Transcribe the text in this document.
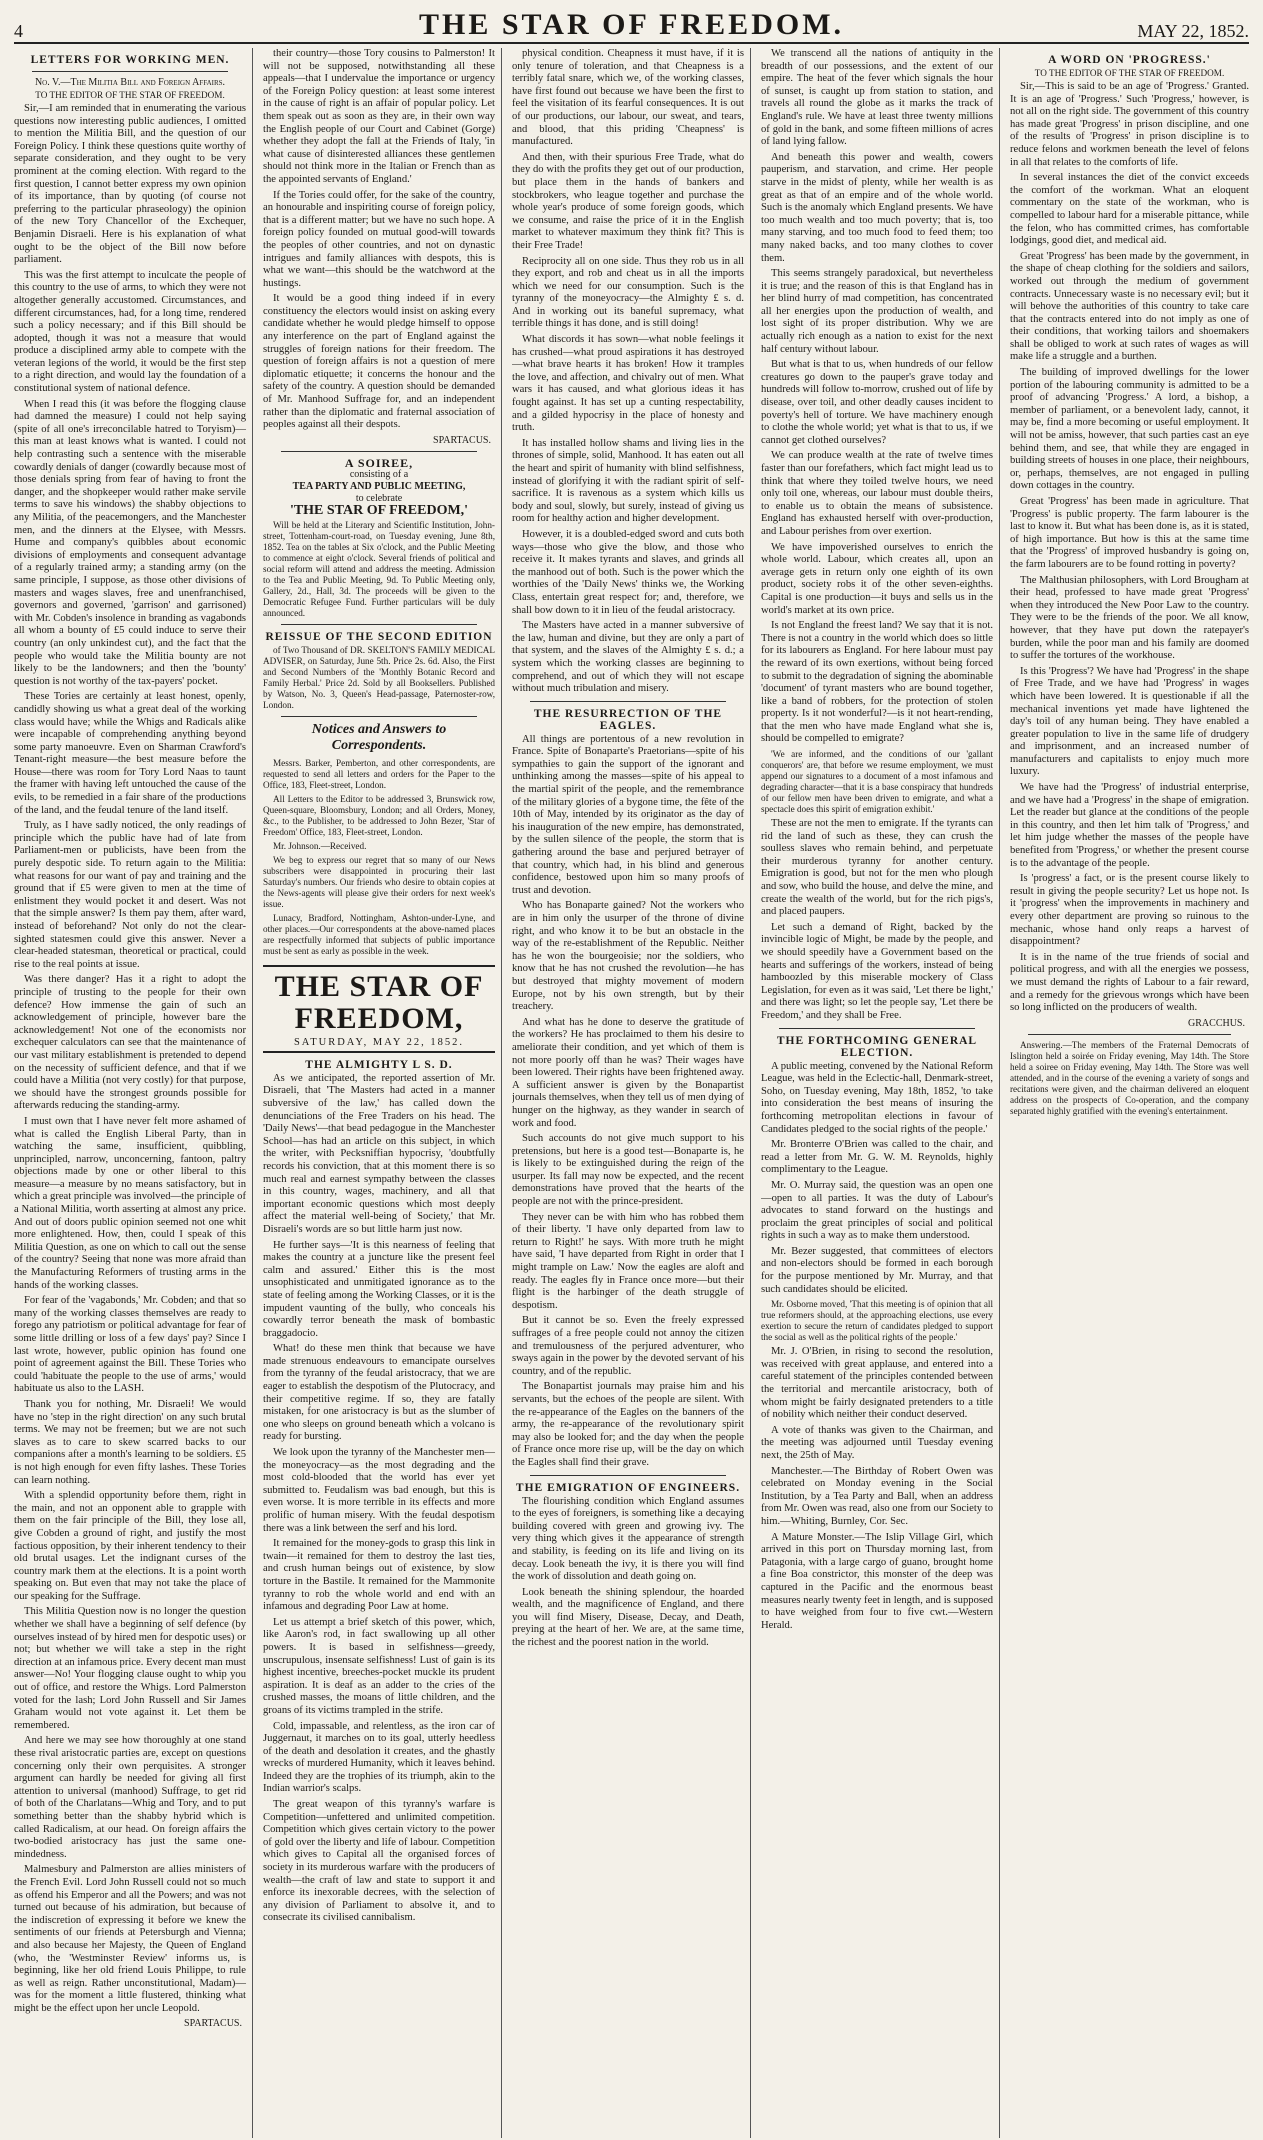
4	THE STAR OF FREEDOM.	MAY 22, 1852.
LETTERS FOR WORKING MEN.
No. V.—The Militia Bill and Foreign Affairs.
TO THE EDITOR OF THE STAR OF FREEDOM.

Sir,—I am reminded that in enumerating the various questions now interesting public audiences, I omitted to mention the Militia Bill, and the question of our Foreign Policy. I think these questions quite worthy of separate consideration, and they ought to be very prominent at the coming election. With regard to the first question, I cannot better express my own opinion of its importance, than by quoting (of course not preferring to the particular phraseology) the opinion of the new Tory Chancellor of the Exchequer, Benjamin Disraeli. Here is his explanation of what ought to be the object of the Bill now before parliament.

This was the first attempt to inculcate the people of this country to the use of arms, to which they were not altogether generally accustomed. Circumstances, and different circumstances, had, for a long time, rendered such a policy necessary; and if this Bill should be adopted, though it was not a measure that would produce a disciplined army able to compete with the veteran legions of the world, it would be the first step to a right direction, and would lay the foundation of a constitutional system of national defence.

When I read this (it was before the flogging clause had damned the measure) I could not help saying (spite of all one's irreconcilable hatred to Toryism)—this man at least knows what is wanted. I could not help contrasting such a sentence with the miserable cowardly denials of danger (cowardly because most of those denials spring from fear of having to front the danger, and the shopkeeper would rather make servile terms to save his windows) the shabby objections to any Militia, of the peacemongers, and the Manchester men, and the dinners at the Elysee, with Messrs. Hume and company's quibbles about economic divisions of employments and consequent advantage of a regularly trained army; a standing army (on the same principle, I suppose, as those other divisions of masters and wages slaves, free and unenfranchised, governors and governed, 'garrison' and garrisoned) with Mr. Cobden's insolence in branding as vagabonds all whom a bounty of £5 could induce to serve their country (an only unkindest cut), and the fact that the people who would take the Militia bounty are not likely to be the landowners; and then the 'bounty' question is not worthy of the tax-payers' pocket.

These Tories are certainly at least honest, openly, candidly showing us what a great deal of the working class would have; while the Whigs and Radicals alike were incapable of comprehending anything beyond some party manoeuvre. Even on Sharman Crawford's Tenant-right measure—the best measure before the House—there was room for Tory Lord Naas to taunt the framer with having left untouched the cause of the evils, to be remedied in a fair share of the productions of the land, and the feudal tenure of the land itself.

Truly, as I have sadly noticed, the only readings of principle which the public have had of late from Parliament-men or publicists, have been from the purely despotic side. To return again to the Militia: what reasons for our want of pay and training and the ground that if £5 were given to men at the time of enlistment they would pocket it and desert. Was not that the simple answer? Is them pay them, after ward, instead of beforehand? Not only do not the clear-sighted statesmen could give this answer. Never a clear-headed statesman, theoretical or practical, could rise to the real points at issue.

Was there danger? Has it a right to adopt the principle of trusting to the people for their own defence? How immense the gain of such an acknowledgement of principle, however bare the acknowledgement! Not one of the economists nor exchequer calculators can see that the maintenance of our vast military establishment is pretended to depend on the necessity of sufficient defence, and that if we could have a Militia (not very costly) for that purpose, we should have the strongest grounds possible for afterwards reducing the standing-army.

I must own that I have never felt more ashamed of what is called the English Liberal Party, than in watching the same, insufficient, quibbling, unprincipled, narrow, unconcerning, fantoon, paltry objections made by one or other liberal to this measure—a measure by no means satisfactory, but in which a great principle was involved—the principle of a National Militia, worth asserting at almost any price. And out of doors public opinion seemed not one whit more enlightened. How, then, could I speak of this Militia Question, as one on which to call out the sense of the country? Seeing that none was more afraid than the Manufacturing Reformers of trusting arms in the hands of the working classes.

For fear of the 'vagabonds,' Mr. Cobden; and that so many of the working classes themselves are ready to forego any patriotism or political advantage for fear of some little drilling or loss of a few days' pay? Since I last wrote, however, public opinion has found one point of agreement against the Bill. These Tories who could 'habituate the people to the use of arms,' would habituate us also to the LASH.

Thank you for nothing, Mr. Disraeli! We would have no 'step in the right direction' on any such brutal terms. We may not be freemen; but we are not such slaves as to care to skew scarred backs to our companions after a month's learning to be soldiers. £5 is not high enough for even fifty lashes. These Tories can learn nothing.

With a splendid opportunity before them, right in the main, and not an opponent able to grapple with them on the fair principle of the Bill, they lose all, give Cobden a ground of right, and justify the most factious opposition, by their inherent tendency to their old brutal usages. Let the indignant curses of the country mark them at the elections. It is a point worth speaking on. But even that may not take the place of our speaking for the Suffrage.

This Militia Question now is no longer the question whether we shall have a beginning of self defence (by ourselves instead of by hired men for despotic uses) or not; but whether we will take a step in the right direction at an infamous price. Every decent man must answer—No! Your flogging clause ought to whip you out of office, and restore the Whigs. Lord Palmerston voted for the lash; Lord John Russell and Sir James Graham would not vote against it. Let them be remembered.

And here we may see how thoroughly at one stand these rival aristocratic parties are, except on questions concerning only their own perquisites. A stronger argument can hardly be needed for giving all first attention to universal (manhood) Suffrage, to get rid of both of the Charlatans—Whig and Tory, and to put something better than the shabby hybrid which is called Radicalism, at our head. On foreign affairs the two-bodied aristocracy has just the same one-mindedness.

Malmesbury and Palmerston are allies ministers of the French Evil. Lord John Russell could not so much as offend his Emperor and all the Powers; and was not turned out because of his admiration, but because of the indiscretion of expressing it before we knew the sentiments of our friends at Petersburgh and Vienna; and also because her Majesty, the Queen of England (who, the 'Westminster Review' informs us, is beginning, like her old friend Louis Philippe, to rule as well as reign. Rather unconstitutional, Madam)—was for the moment a little flustered, thinking what might be the effect upon her uncle Leopold.

SPARTACUS.

their country—those Tory cousins to Palmerston! It will not be supposed, notwithstanding all these appeals—that I undervalue the importance or urgency of the Foreign Policy question: at least some interest in the cause of right is an affair of popular policy. Let them speak out as soon as they are, in their own way the English people of our Court and Cabinet (Gorge) whether they adopt the fall at the Friends of Italy, 'in what cause of disinterested alliances these gentlemen should not think more in the Italian or French than as the appointed servants of England.'

If the Tories could offer, for the sake of the country, an honourable and inspiriting course of foreign policy, that is a different matter; but we have no such hope. A foreign policy founded on mutual good-will towards the peoples of other countries, and not on dynastic intrigues and family alliances with despots, this is what we want—this should be the watchword at the hustings.

It would be a good thing indeed if in every constituency the electors would insist on asking every candidate whether he would pledge himself to oppose any interference on the part of England against the struggles of foreign nations for their freedom. The question of foreign affairs is not a question of mere diplomatic etiquette; it concerns the honour and the safety of the country. A question should be demanded of Mr. Manhood Suffrage for, and an independent rather than the diplomatic and fraternal association of peoples against all their despots.

SPARTACUS.
A SOIREE,
consisting of a
TEA PARTY AND PUBLIC MEETING,
to celebrate
'THE STAR OF FREEDOM,'

Will be held at the Literary and Scientific Institution, John-street, Tottenham-court-road, on Tuesday evening, June 8th, 1852. Tea on the tables at Six o'clock, and the Public Meeting to commence at eight o'clock. Several friends of political and social reform will attend and address the meeting. Admission to the Tea and Public Meeting, 9d. To Public Meeting only, Gallery, 2d., Hall, 3d. The proceeds will be given to the Democratic Refugee Fund. Further particulars will be duly announced.

REISSUE OF THE SECOND EDITION

of Two Thousand of DR. SKELTON'S FAMILY MEDICAL ADVISER, on Saturday, June 5th. Price 2s. 6d. Also, the First and Second Numbers of the 'Monthly Botanic Record and Family Herbal.' Price 2d. Sold by all Booksellers. Published by Watson, No. 3, Queen's Head-passage, Paternoster-row, London.

Notices and Answers to Correspondents.

Messrs. Barker, Pemberton, and other correspondents, are requested to send all letters and orders for the Paper to the Office, 183, Fleet-street, London.

All Letters to the Editor to be addressed 3, Brunswick row, Queen-square, Bloomsbury, London; and all Orders, Money, &c., to the Publisher, to be addressed to John Bezer, 'Star of Freedom' Office, 183, Fleet-street, London.

Mr. Johnson.—Received.

We beg to express our regret that so many of our News subscribers were disappointed in procuring their last Saturday's numbers. Our friends who desire to obtain copies at the News-agents will please give their orders for next week's issue.

Lunacy, Bradford, Nottingham, Ashton-under-Lyne, and other places.—Our correspondents at the above-named places are respectfully informed that subjects of public importance must be sent as early as possible in the week.

THE STAR OF FREEDOM,
SATURDAY, MAY 22, 1852.
THE ALMIGHTY L S. D.

As we anticipated, the reported assertion of Mr. Disraeli, that 'The Masters had acted in a manner subversive of the law,' has called down the denunciations of the Free Traders on his head. The 'Daily News'—that bead pedagogue in the Manchester School—has had an article on this subject, in which the writer, with Pecksniffian hypocrisy, 'doubtfully records his conviction, that at this moment there is so much real and earnest sympathy between the classes in this country, wages, machinery, and all that important economic questions which most deeply affect the material well-being of Society,' that Mr. Disraeli's words are so but little harm just now.

He further says—'It is this nearness of feeling that makes the country at a juncture like the present feel calm and assured.' Either this is the most unsophisticated and unmitigated ignorance as to the state of feeling among the Working Classes, or it is the impudent vaunting of the bully, who conceals his cowardly terror beneath the mask of bombastic braggadocio.

What! do these men think that because we have made strenuous endeavours to emancipate ourselves from the tyranny of the feudal aristocracy, that we are eager to establish the despotism of the Plutocracy, and their competitive regime. If so, they are fatally mistaken, for one aristocracy is but as the slumber of one who sleeps on ground beneath which a volcano is ready for bursting.

We look upon the tyranny of the Manchester men—the moneyocracy—as the most degrading and the most cold-blooded that the world has ever yet submitted to. Feudalism was bad enough, but this is even worse. It is more terrible in its effects and more prolific of human misery. With the feudal despotism there was a link between the serf and his lord.

It remained for the money-gods to grasp this link in twain—it remained for them to destroy the last ties, and crush human beings out of existence, by slow torture in the Bastile. It remained for the Mammonite tyranny to rob the whole world and end with an infamous and degrading Poor Law at home.

Let us attempt a brief sketch of this power, which, like Aaron's rod, in fact swallowing up all other powers. It is based in selfishness—greedy, unscrupulous, insensate selfishness! Lust of gain is its highest incentive, breeches-pocket muckle its prudent aspiration. It is deaf as an adder to the cries of the crushed masses, the moans of little children, and the groans of its victims trampled in the strife.

Cold, impassable, and relentless, as the iron car of Juggernaut, it marches on to its goal, utterly heedless of the death and desolation it creates, and the ghastly wrecks of murdered Humanity, which it leaves behind. Indeed they are the trophies of its triumph, akin to the Indian warrior's scalps.

The great weapon of this tyranny's warfare is Competition—unfettered and unlimited competition. Competition which gives certain victory to the power of gold over the liberty and life of labour. Competition which gives to Capital all the organised forces of society in its murderous warfare with the producers of wealth—the craft of law and state to support it and enforce its inexorable decrees, with the selection of any division of Parliament to absolve it, and to consecrate its civilised cannibalism.

physical condition. Cheapness it must have, if it is only tenure of toleration, and that Cheapness is a terribly fatal snare, which we, of the working classes, have first found out because we have been the first to feel the visitation of its fearful consequences. It is out of our productions, our labour, our sweat, and tears, and blood, that this priding 'Cheapness' is manufactured.

And then, with their spurious Free Trade, what do they do with the profits they get out of our production, but place them in the hands of bankers and stockbrokers, who league together and purchase the whole year's produce of some foreign goods, which we consume, and raise the price of it in the English market to whatever maximum they think fit? This is their Free Trade!

Reciprocity all on one side. Thus they rob us in all they export, and rob and cheat us in all the imports which we need for our consumption. Such is the tyranny of the moneyocracy—the Almighty £ s. d. And in working out its baneful supremacy, what terrible things it has done, and is still doing!

What discords it has sown—what noble feelings it has crushed—what proud aspirations it has destroyed—what brave hearts it has broken! How it tramples the love, and affection, and chivalry out of men. What wars it has caused, and what glorious ideas it has fought against. It has set up a cunting respectability, and a gilded hypocrisy in the place of honesty and truth.

It has installed hollow shams and living lies in the thrones of simple, solid, Manhood. It has eaten out all the heart and spirit of humanity with blind selfishness, instead of glorifying it with the radiant spirit of self-sacrifice. It is ravenous as a system which kills us body and soul, slowly, but surely, instead of giving us room for healthy action and higher development.

However, it is a doubled-edged sword and cuts both ways—those who give the blow, and those who receive it. It makes tyrants and slaves, and grinds all the manhood out of both. Such is the power which the worthies of the 'Daily News' thinks we, the Working Class, entertain great respect for; and, therefore, we shall bow down to it in lieu of the feudal aristocracy.

The Masters have acted in a manner subversive of the law, human and divine, but they are only a part of that system, and the slaves of the Almighty £ s. d.; a system which the working classes are beginning to comprehend, and out of which they will not escape without much tribulation and misery.

THE RESURRECTION OF THE EAGLES.

All things are portentous of a new revolution in France. Spite of Bonaparte's Praetorians—spite of his sympathies to gain the support of the ignorant and unthinking among the masses—spite of his appeal to the martial spirit of the people, and the remembrance of the military glories of a bygone time, the fête of the 10th of May, intended by its originator as the day of his inauguration of the new empire, has demonstrated, by the sullen silence of the people, the storm that is gathering around the base and perjured betrayer of that country, which had, in his blind and generous confidence, bestowed upon him so many proofs of trust and devotion.

Who has Bonaparte gained? Not the workers who are in him only the usurper of the throne of divine right, and who know it to be but an obstacle in the way of the re-establishment of the Republic. Neither has he won the bourgeoisie; nor the soldiers, who know that he has not crushed the revolution—he has but destroyed that mighty movement of modern Europe, not by his own strength, but by their treachery.

And what has he done to deserve the gratitude of the workers? He has proclaimed to them his desire to ameliorate their condition, and yet which of them is not more poorly off than he was? Their wages have been lowered. Their rights have been frightened away. A sufficient answer is given by the Bonapartist journals themselves, when they tell us of men dying of hunger on the highway, as they wander in search of work and food.

Such accounts do not give much support to his pretensions, but here is a good test—Bonaparte is, he is likely to be extinguished during the reign of the usurper. Its fall may now be expected, and the recent demonstrations have proved that the hearts of the people are not with the prince-president.

They never can be with him who has robbed them of their liberty. 'I have only departed from law to return to Right!' he says. With more truth he might have said, 'I have departed from Right in order that I might trample on Law.' Now the eagles are aloft and ready. The eagles fly in France once more—but their flight is the harbinger of the death struggle of despotism.

But it cannot be so. Even the freely expressed suffrages of a free people could not annoy the citizen and tremulousness of the perjured adventurer, who sways again in the power by the devoted servant of his country, and of the republic.

The Bonapartist journals may praise him and his servants, but the echoes of the people are silent. With the re-appearance of the Eagles on the banners of the army, the re-appearance of the revolutionary spirit may also be looked for; and the day when the people of France once more rise up, will be the day on which the Eagles shall find their grave.

THE EMIGRATION OF ENGINEERS.

The flourishing condition which England assumes to the eyes of foreigners, is something like a decaying building covered with green and growing ivy. The very thing which gives it the appearance of strength and stability, is feeding on its life and living on its decay. Look beneath the ivy, it is there you will find the work of dissolution and death going on.

Look beneath the shining splendour, the hoarded wealth, and the magnificence of England, and there you will find Misery, Disease, Decay, and Death, preying at the heart of her. We are, at the same time, the richest and the poorest nation in the world.

We transcend all the nations of antiquity in the breadth of our possessions, and the extent of our empire. The heat of the fever which signals the hour of sunset, is caught up from station to station, and travels all round the globe as it marks the track of England's rule. We have at least three twenty millions of gold in the bank, and some fifteen millions of acres of land lying fallow.

And beneath this power and wealth, cowers pauperism, and starvation, and crime. Her people starve in the midst of plenty, while her wealth is as great as that of an empire and of the whole world. Such is the anomaly which England presents. We have too much wealth and too much poverty; that is, too many starving, and too much food to feed them; too many naked backs, and too many clothes to cover them.

This seems strangely paradoxical, but nevertheless it is true; and the reason of this is that England has in her blind hurry of mad competition, has concentrated all her energies upon the production of wealth, and lost sight of its proper distribution. Why we are actually rich enough as a nation to exist for the next half century without labour.

But what is that to us, when hundreds of our fellow creatures go down to the pauper's grave today and hundreds will follow to-morrow, crushed out of life by disease, over toil, and other deadly causes incident to poverty's hell of torture. We have machinery enough to clothe the whole world; yet what is that to us, if we cannot get clothed ourselves?

We can produce wealth at the rate of twelve times faster than our forefathers, which fact might lead us to think that where they toiled twelve hours, we need only toil one, whereas, our labour must double theirs, to enable us to obtain the means of subsistence. England has exhausted herself with over-production, and Labour perishes from over exertion.

We have impoverished ourselves to enrich the whole world. Labour, which creates all, upon an average gets in return only one eighth of its own product, society robs it of the other seven-eighths. Capital is one production—it buys and sells us in the world's market at its own price.

Is not England the freest land? We say that it is not. There is not a country in the world which does so little for its labourers as England. For here labour must pay the reward of its own exertions, without being forced to submit to the degradation of signing the abominable 'document' of tyrant masters who are bound together, like a band of robbers, for the protection of stolen property. Is it not wonderful?—is it not heart-rending, that the men who have made England what she is, should be compelled to emigrate?

'We are informed, and the conditions of our 'gallant conquerors' are, that before we resume employment, we must append our signatures to a document of a most infamous and degrading character—that it is a base conspiracy that hundreds of our fellow men have been driven to emigrate, and what a spectacle does this spirit of emigration exhibit.'

These are not the men to emigrate. If the tyrants can rid the land of such as these, they can crush the soulless slaves who remain behind, and perpetuate their murderous tyranny for another century. Emigration is good, but not for the men who plough and sow, who build the house, and delve the mine, and create the wealth of the world, but for the rich pigs's, and placed paupers.

Let such a demand of Right, backed by the invincible logic of Might, be made by the people, and we should speedily have a Government based on the hearts and sufferings of the workers, instead of being hamboozled by this miserable mockery of Class Legislation, for even as it was said, 'Let there be light,' and there was light; so let the people say, 'Let there be Freedom,' and they shall be Free.

THE FORTHCOMING GENERAL ELECTION.

A public meeting, convened by the National Reform League, was held in the Eclectic-hall, Denmark-street, Soho, on Tuesday evening, May 18th, 1852, 'to take into consideration the best means of insuring the forthcoming metropolitan elections in favour of Candidates pledged to the social rights of the people.'

Mr. Bronterre O'Brien was called to the chair, and read a letter from Mr. G. W. M. Reynolds, highly complimentary to the League.

Mr. O. Murray said, the question was an open one—open to all parties. It was the duty of Labour's advocates to stand forward on the hustings and proclaim the great principles of social and political rights in such a way as to make them understood.

Mr. Bezer suggested, that committees of electors and non-electors should be formed in each borough for the purpose mentioned by Mr. Murray, and that such candidates should be elicited.

Mr. Osborne moved, 'That this meeting is of opinion that all true reformers should, at the approaching elections, use every exertion to secure the return of candidates pledged to support the social as well as the political rights of the people.'

Mr. J. O'Brien, in rising to second the resolution, was received with great applause, and entered into a careful statement of the principles contended between the territorial and mercantile aristocracy, both of whom might be fairly designated pretenders to a title of nobility which neither their conduct deserved.

A vote of thanks was given to the Chairman, and the meeting was adjourned until Tuesday evening next, the 25th of May.

Manchester.—The Birthday of Robert Owen was celebrated on Monday evening in the Social Institution, by a Tea Party and Ball, when an address from Mr. Owen was read, also one from our Society to him.—Whiting, Burnley, Cor. Sec.

A Mature Monster.—The Islip Village Girl, which arrived in this port on Thursday morning last, from Patagonia, with a large cargo of guano, brought home a fine Boa constrictor, this monster of the deep was captured in the Pacific and the enormous beast measures nearly twenty feet in length, and is supposed to have weighed from four to five cwt.—Western Herald.

A WORD ON 'PROGRESS.'
TO THE EDITOR OF THE STAR OF FREEDOM.

Sir,—This is said to be an age of 'Progress.' Granted. It is an age of 'Progress.' Such 'Progress,' however, is not all on the right side. The government of this country has made great 'Progress' in prison discipline, and one of the results of 'Progress' in prison discipline is to reduce felons and workmen beneath the level of felons in all that relates to the comforts of life.

In several instances the diet of the convict exceeds the comfort of the workman. What an eloquent commentary on the state of the workman, who is compelled to labour hard for a miserable pittance, while the felon, who has committed crimes, has comfortable lodgings, good diet, and medical aid.

Great 'Progress' has been made by the government, in the shape of cheap clothing for the soldiers and sailors, worked out through the medium of government contracts. Unnecessary waste is no necessary evil; but it will behove the authorities of this country to take care that the contracts entered into do not imply as one of their conditions, that working tailors and shoemakers shall be obliged to work at such rates of wages as will make life a struggle and a burthen.

The building of improved dwellings for the lower portion of the labouring community is admitted to be a proof of advancing 'Progress.' A lord, a bishop, a member of parliament, or a benevolent lady, cannot, it may be, find a more becoming or useful employment. It will not be amiss, however, that such parties cast an eye behind them, and see, that while they are engaged in building streets of houses in one place, their neighbours, or, perhaps, themselves, are not engaged in pulling down cottages in the country.

Great 'Progress' has been made in agriculture. That 'Progress' is public property. The farm labourer is the last to know it. But what has been done is, as it is stated, of high importance. But how is this at the same time that the 'Progress' of improved husbandry is going on, the farm labourers are to be found rotting in poverty?

The Malthusian philosophers, with Lord Brougham at their head, professed to have made great 'Progress' when they introduced the New Poor Law to the country. They were to be the friends of the poor. We all know, however, that they have put down the ratepayer's burden, while the poor man and his family are doomed to suffer the tortures of the workhouse.

Is this 'Progress'? We have had 'Progress' in the shape of Free Trade, and we have had 'Progress' in wages which have been lowered. It is questionable if all the mechanical inventions yet made have lightened the day's toil of any human being. They have enabled a greater population to live in the same life of drudgery and imprisonment, and an increased number of manufacturers and capitalists to enjoy much more luxury.

We have had the 'Progress' of industrial enterprise, and we have had a 'Progress' in the shape of emigration. Let the reader but glance at the conditions of the people in this country, and then let him talk of 'Progress,' and let him judge whether the masses of the people have benefited from 'Progress,' or whether the present course is to the advantage of the people.

Is 'progress' a fact, or is the present course likely to result in giving the people security? Let us hope not. Is it 'progress' when the improvements in machinery and every other department are proving so ruinous to the mechanic, whose hand only reaps a harvest of disappointment?

It is in the name of the true friends of social and political progress, and with all the energies we possess, we must demand the rights of Labour to a fair reward, and a remedy for the grievous wrongs which have been so long inflicted on the producers of wealth.

GRACCHUS.

Answering.—The members of the Fraternal Democrats of Islington held a soirée on Friday evening, May 14th. The Store held a soiree on Friday evening, May 14th. The Store was well attended, and in the course of the evening a variety of songs and recitations were given, and the chairman delivered an eloquent address on the prospects of Co-operation, and the company separated highly gratified with the evening's entertainment.
